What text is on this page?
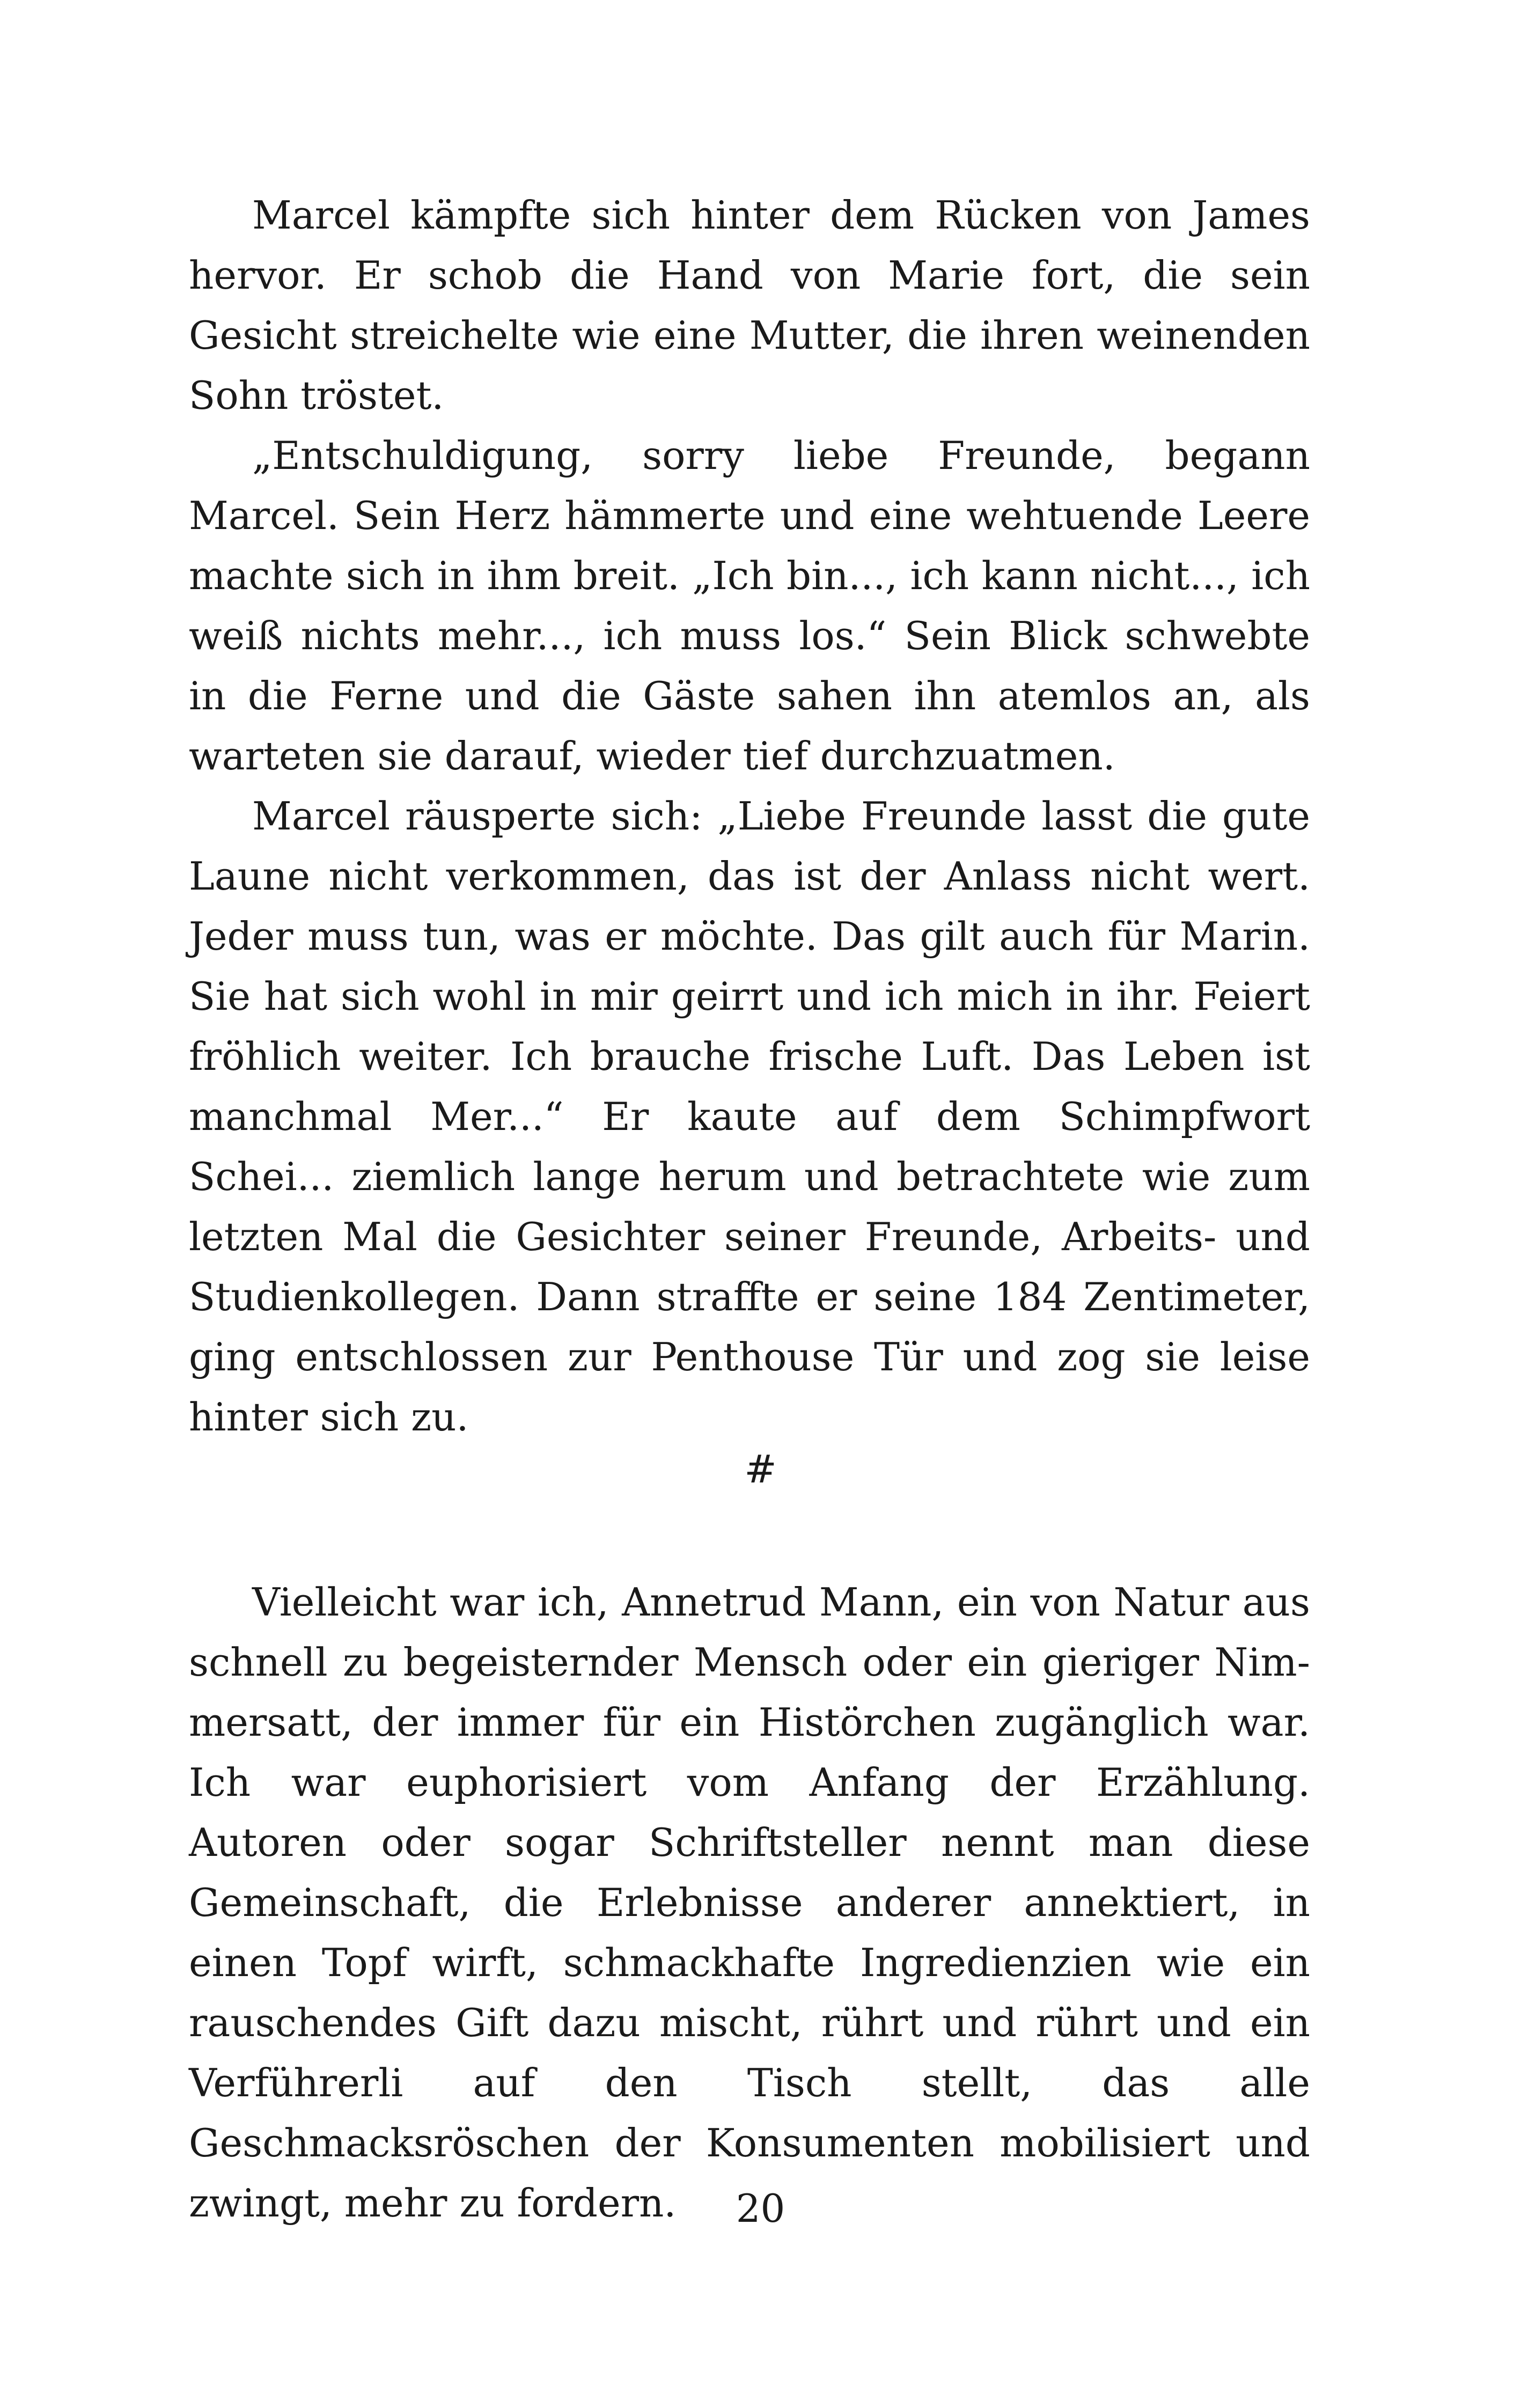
Marcel kämpfte sich hinter dem Rücken von James hervor. Er schob die Hand von Marie fort, die sein Gesicht streichelte wie eine Mutter, die ihren weinenden Sohn tröstet.

„Entschuldigung, sorry liebe Freunde, begann Marcel. Sein Herz hämmerte und eine wehtuende Leere machte sich in ihm breit. „Ich bin..., ich kann nicht..., ich weiß nichts mehr..., ich muss los.“ Sein Blick schwebte in die Ferne und die Gäste sahen ihn atemlos an, als warteten sie darauf, wieder tief durchzuatmen.

Marcel räusperte sich: „Liebe Freunde lasst die gute Laune nicht verkommen, das ist der Anlass nicht wert. Jeder muss tun, was er möchte. Das gilt auch für Marin. Sie hat sich wohl in mir geirrt und ich mich in ihr. Feiert fröhlich weiter. Ich brauche frische Luft. Das Leben ist manchmal Mer...“ Er kaute auf dem Schimpfwort Schei... ziemlich lange herum und betrachtete wie zum letzten Mal die Gesichter seiner Freunde, Arbeits- und Studienkollegen. Dann straffte er seine 184 Zentimeter, ging entschlossen zur Penthouse Tür und zog sie leise hinter sich zu.

#

Vielleicht war ich, Annetrud Mann, ein von Natur aus schnell zu begeisternder Mensch oder ein gieriger Nimmersatt, der immer für ein Histörchen zugänglich war. Ich war euphorisiert vom Anfang der Erzählung. Autoren oder sogar Schriftsteller nennt man diese Gemeinschaft, die Erlebnisse anderer annektiert, in einen Topf wirft, schmackhafte Ingredienzien wie ein rauschendes Gift dazu mischt, rührt und rührt und ein Verführerli auf den Tisch stellt, das alle Geschmacksröschen der Konsumenten mobilisiert und zwingt, mehr zu fordern.	20
